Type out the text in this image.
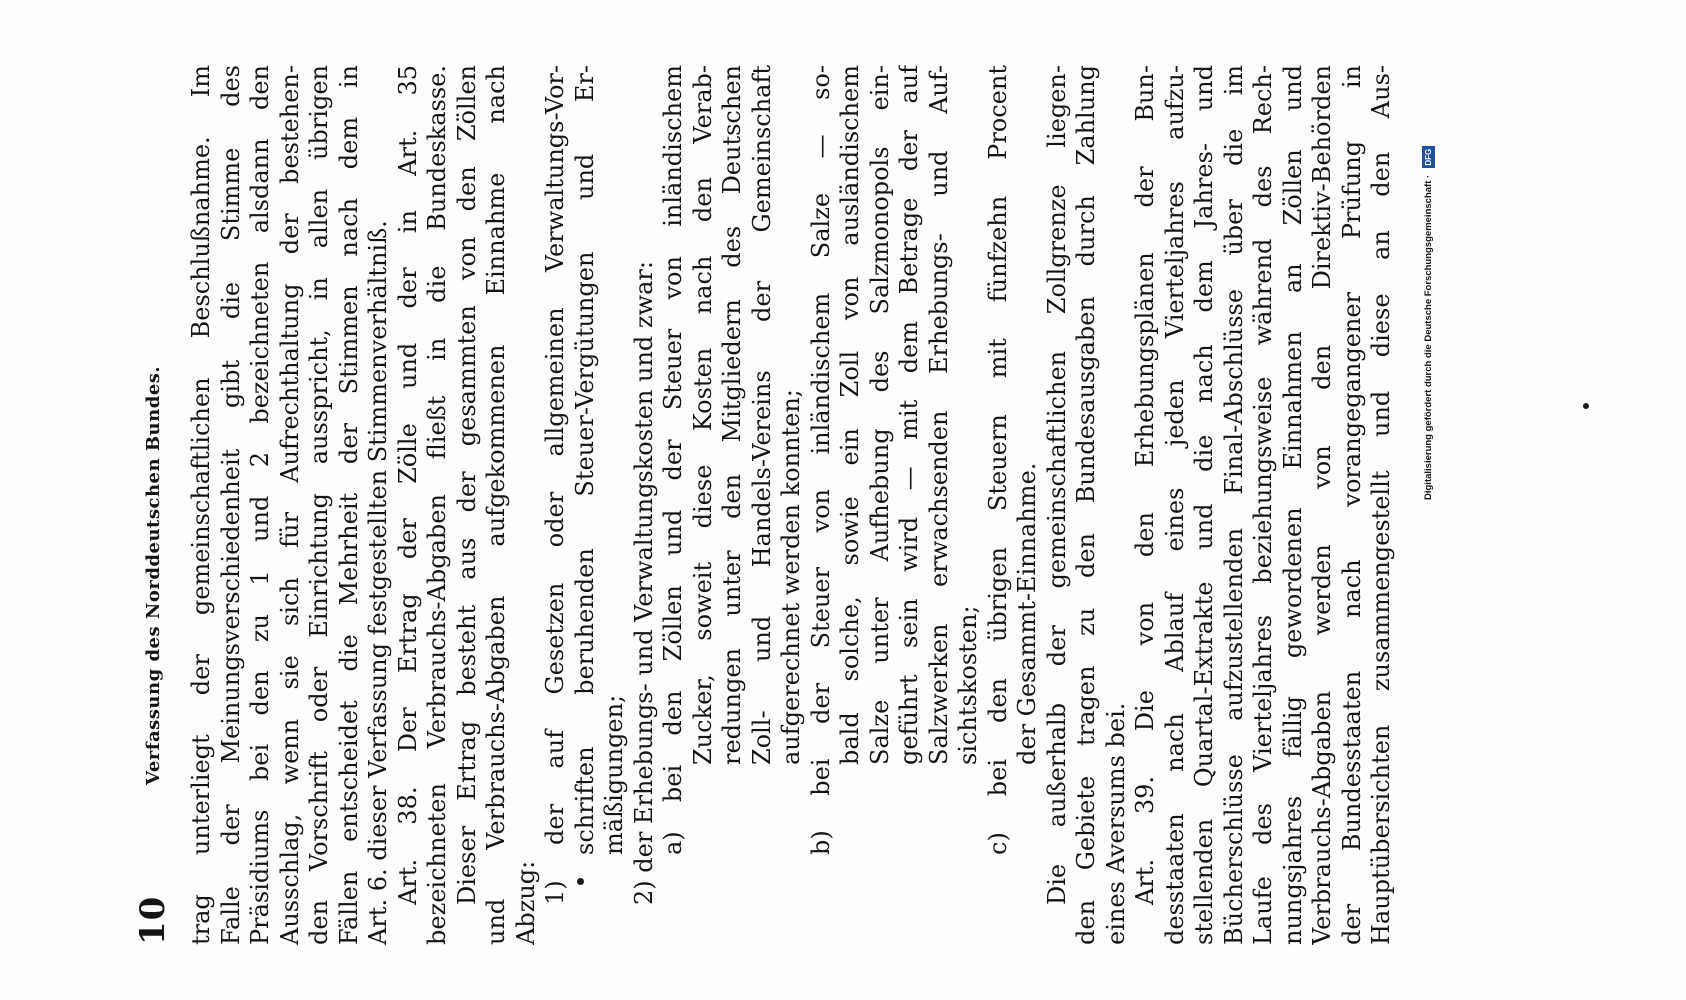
10
Verfassung des Norddeutschen Bundes. trag unterliegt der gemeinschaftlichen Beschlußnahme. Im Falle der Meinungsverschiedenheit gibt die Stimme des Präsidiums bei den zu 1 und 2 bezeichneten alsdann den Ausschlag, wenn sie sich für Aufrechthaltung der bestehen- den Vorschrift oder Einrichtung ausspricht, in allen übrigen Fällen entscheidet die Mehrheit der Stimmen nach dem in Art. 6. dieser Verfassung festgestellten Stimmenverhältniß. Art. 38. Der Ertrag der Zölle und der in Art. 35 bezeichneten Verbrauchs-Abgaben fließt in die Bundeskasse. Dieser Ertrag besteht aus der gesammten von den Zöllen und Verbrauchs-Abgaben aufgekommenen Einnahme nach Abzug: 1) der auf Gesetzen oder allgemeinen Verwaltungs-Vor- schriften beruhenden Steuer-Vergütungen und Er- mäßigungen; 2) der Erhebungs- und Verwaltungskosten und zwar: a) bei den Zöllen und der Steuer von inländischem Zucker, soweit diese Kosten nach den Verab- redungen unter den Mitgliedern des Deutschen Zoll- und Handels-Vereins der Gemeinschaft aufgerechnet werden konnten; b) bei der Steuer von inländischem Salze — so- bald solche, sowie ein Zoll von ausländischem Salze unter Aufhebung des Salzmonopols ein- geführt sein wird — mit dem Betrage der auf Salzwerken erwachsenden Erhebungs- und Auf- sichtskosten; c) bei den übrigen Steuern mit fünfzehn Procent der Gesammt-Einnahme. Die außerhalb der gemeinschaftlichen Zollgrenze liegen- den Gebiete tragen zu den Bundesausgaben durch Zahlung eines Aversums bei. Art. 39. Die von den Erhebungsplänen der Bun- desstaaten nach Ablauf eines jeden Vierteljahres aufzu- stellenden Quartal-Extrakte und die nach dem Jahres- und Bücherschlüsse aufzustellenden Final-Abschlüsse über die im Laufe des Vierteljahres beziehungsweise während des Rech- nungsjahres fällig gewordenen Einnahmen an Zöllen und Verbrauchs-Abgaben werden von den Direktiv-Behörden der Bundesstaaten nach vorangegangener Prüfung in Hauptübersichten zusammengestellt und diese an den Aus-	Digitalisierung gefördert durch die Deutsche Forschungsgemeinschaft · DFG
